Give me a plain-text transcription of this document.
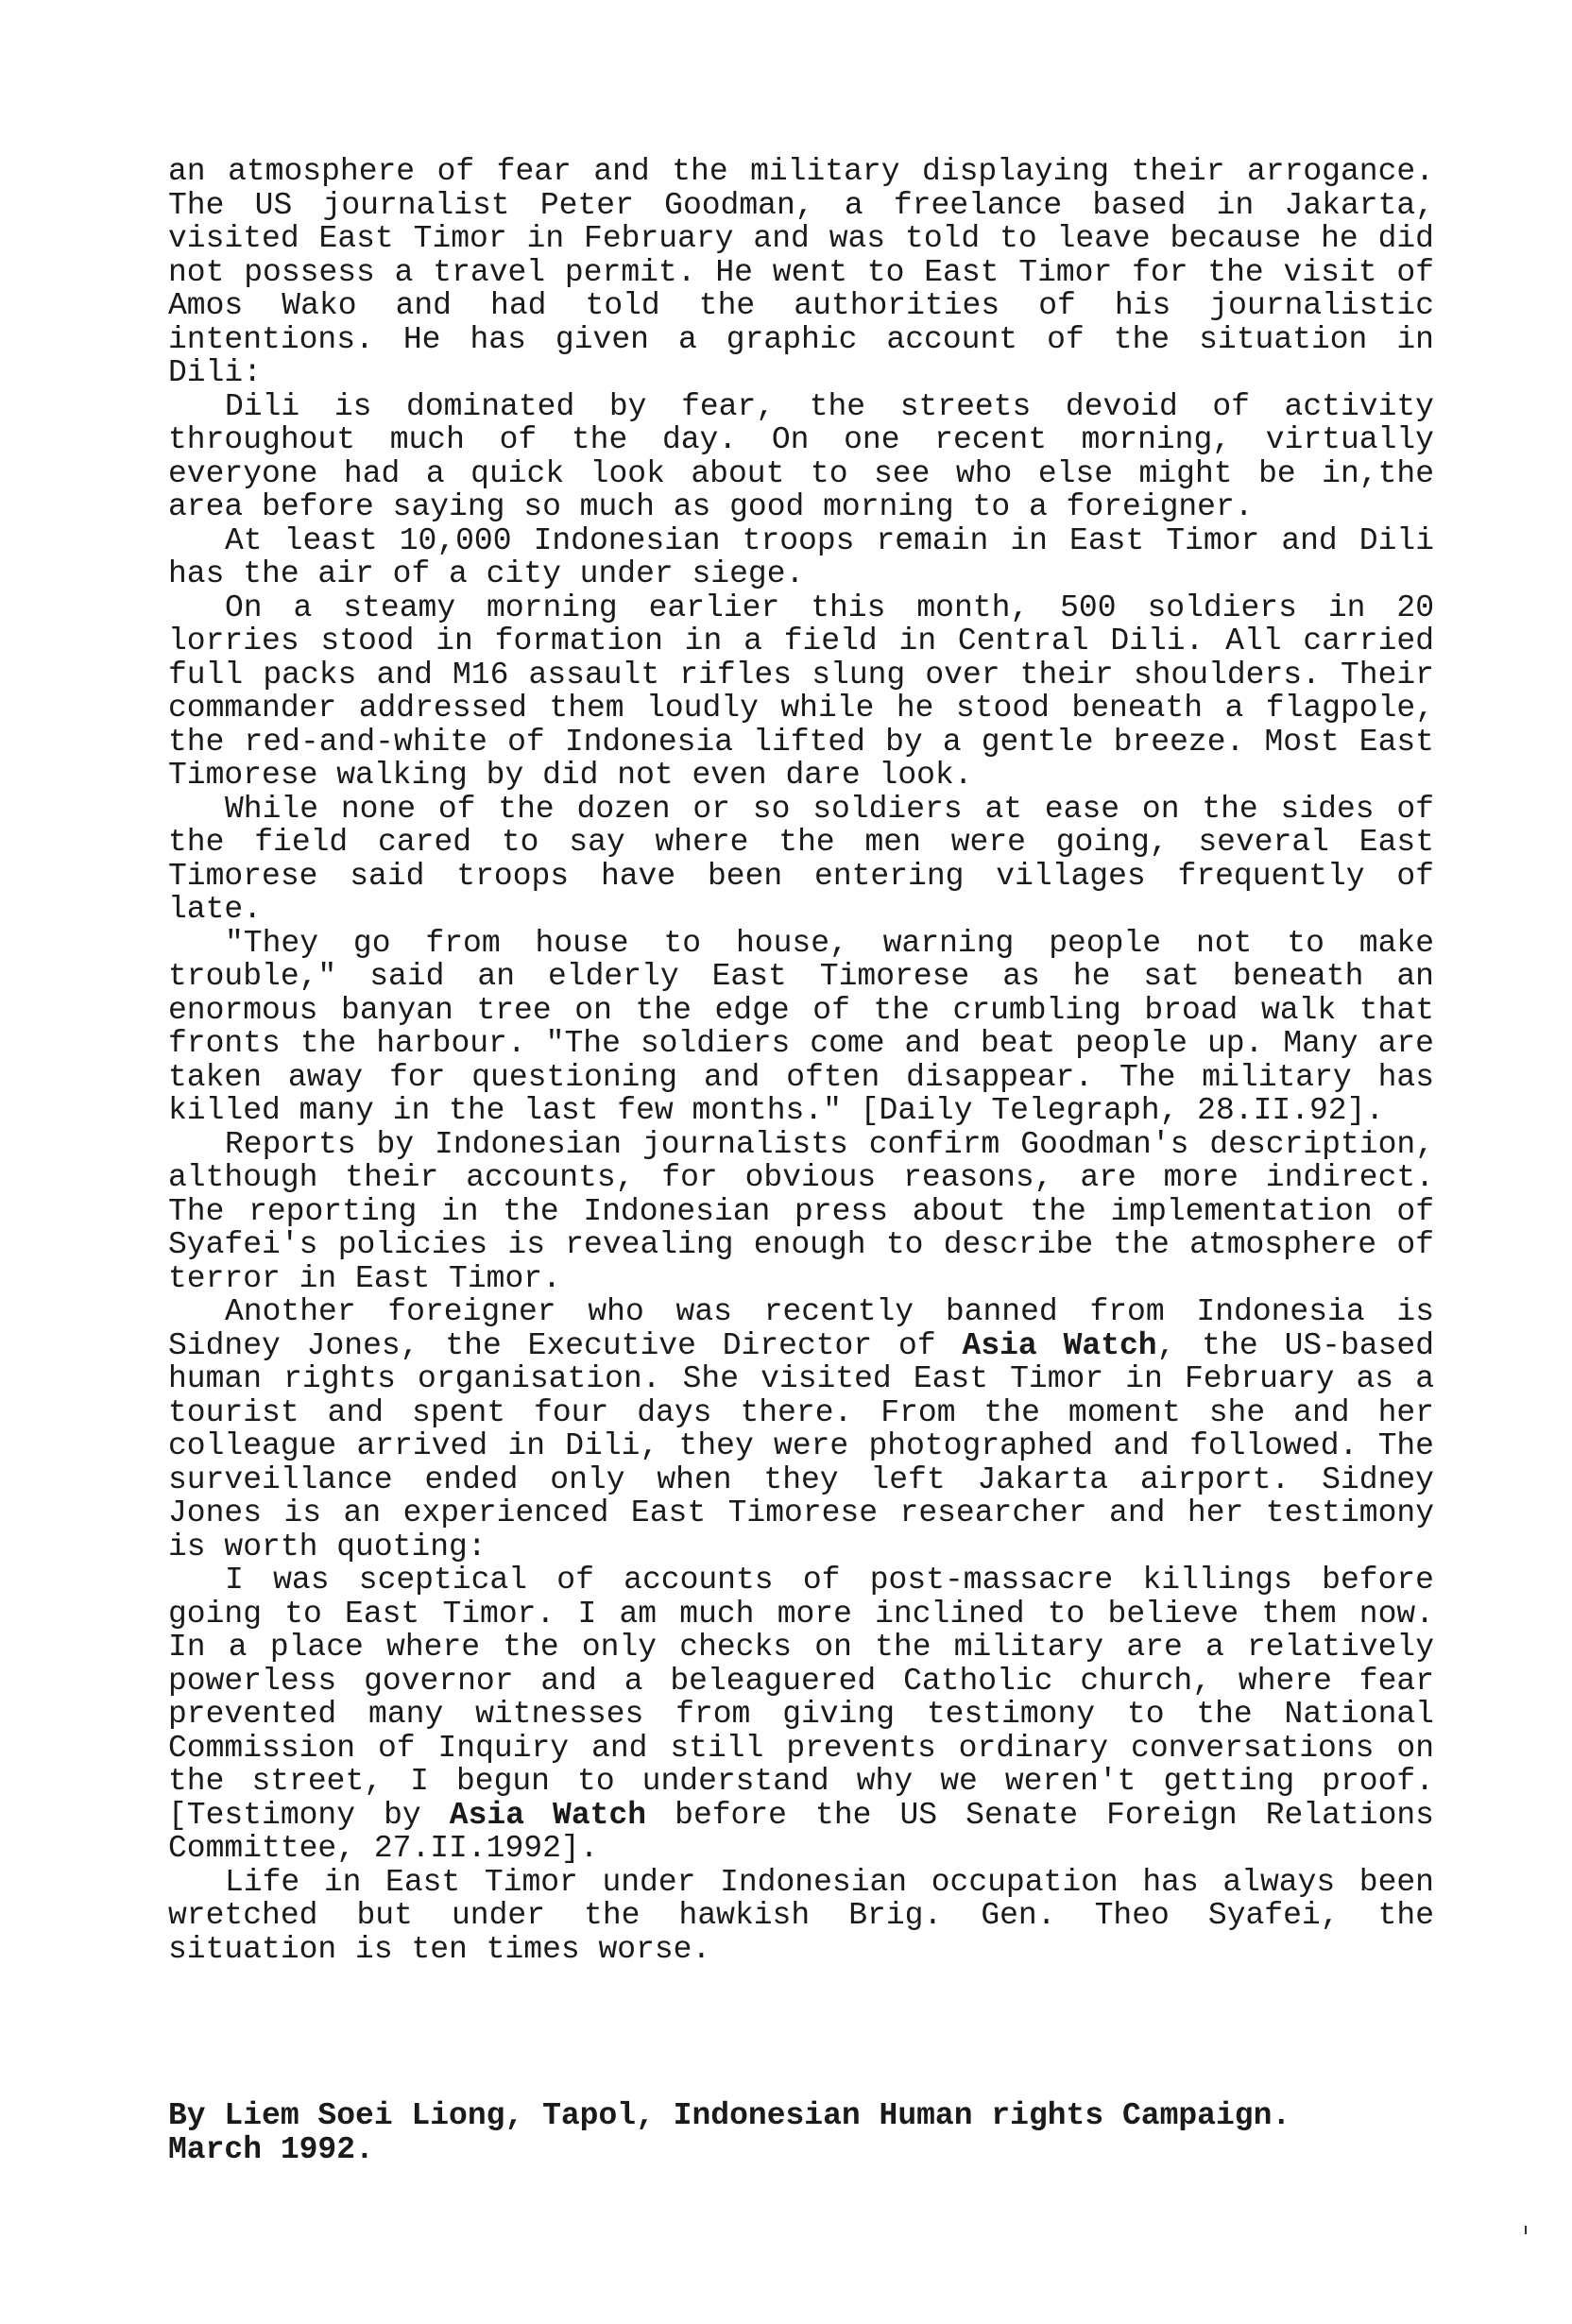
an atmosphere of fear and the military displaying their arrogance. The US journalist Peter Goodman, a freelance based in Jakarta, visited East Timor in February and was told to leave because he did not possess a travel permit. He went to East Timor for the visit of Amos Wako and had told the authorities of his journalistic intentions. He has given a graphic account of the situation in Dili:

Dili is dominated by fear, the streets devoid of activity throughout much of the day. On one recent morning, virtually everyone had a quick look about to see who else might be in,the area before saying so much as good morning to a foreigner.

At least 10,000 Indonesian troops remain in East Timor and Dili has the air of a city under siege.

On a steamy morning earlier this month, 500 soldiers in 20 lorries stood in formation in a field in Central Dili. All carried full packs and M16 assault rifles slung over their shoulders. Their commander addressed them loudly while he stood beneath a flagpole, the red-and-white of Indonesia lifted by a gentle breeze. Most East Timorese walking by did not even dare look.

While none of the dozen or so soldiers at ease on the sides of the field cared to say where the men were going, several East Timorese said troops have been entering villages frequently of late.

"They go from house to house, warning people not to make trouble," said an elderly East Timorese as he sat beneath an enormous banyan tree on the edge of the crumbling broad walk that fronts the harbour. "The soldiers come and beat people up. Many are taken away for questioning and often disappear. The military has killed many in the last few months." [Daily Telegraph, 28.II.92].

Reports by Indonesian journalists confirm Goodman's description, although their accounts, for obvious reasons, are more indirect. The reporting in the Indonesian press about the implementation of Syafei's policies is revealing enough to describe the atmosphere of terror in East Timor.

Another foreigner who was recently banned from Indonesia is Sidney Jones, the Executive Director of Asia Watch, the US-based human rights organisation. She visited East Timor in February as a tourist and spent four days there. From the moment she and her colleague arrived in Dili, they were photographed and followed. The surveillance ended only when they left Jakarta airport. Sidney Jones is an experienced East Timorese researcher and her testimony is worth quoting:

I was sceptical of accounts of post-massacre killings before going to East Timor. I am much more inclined to believe them now. In a place where the only checks on the military are a relatively powerless governor and a beleaguered Catholic church, where fear prevented many witnesses from giving testimony to the National Commission of Inquiry and still prevents ordinary conversations on the street, I begun to understand why we weren't getting proof. [Testimony by Asia Watch before the US Senate Foreign Relations Committee, 27.II.1992].

Life in East Timor under Indonesian occupation has always been wretched but under the hawkish Brig. Gen. Theo Syafei, the situation is ten times worse.

By Liem Soei Liong, Tapol, Indonesian Human rights Campaign.

March 1992.
